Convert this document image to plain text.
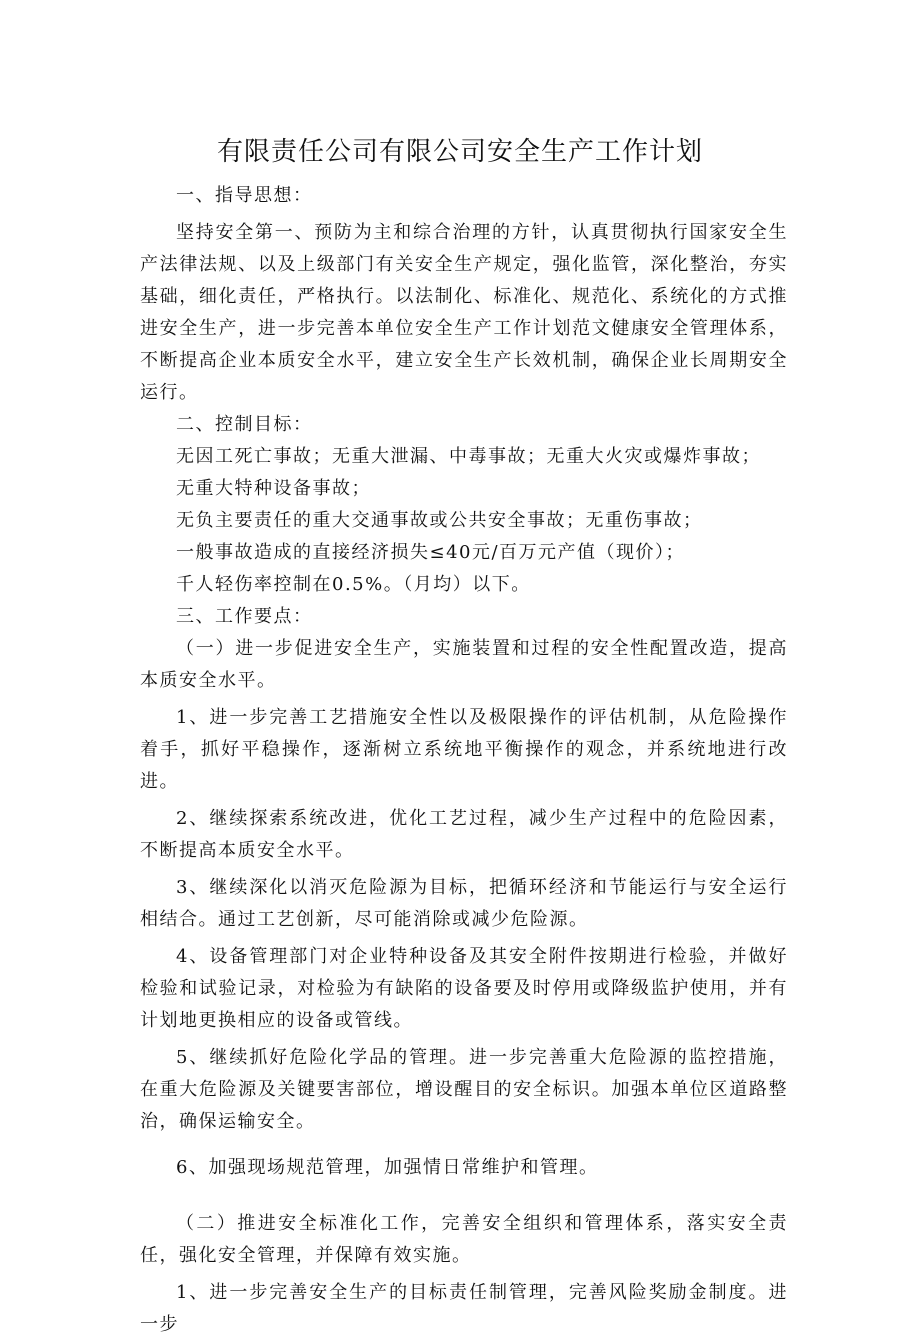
有限责任公司有限公司安全生产工作计划

一、指导思想：

坚持安全第一、预防为主和综合治理的方针，认真贯彻执行国家安全生产法律法规、以及上级部门有关安全生产规定，强化监管，深化整治，夯实基础，细化责任，严格执行。以法制化、标准化、规范化、系统化的方式推进安全生产，进一步完善本单位安全生产工作计划范文健康安全管理体系，不断提高企业本质安全水平，建立安全生产长效机制，确保企业长周期安全运行。

二、控制目标：

无因工死亡事故；无重大泄漏、中毒事故；无重大火灾或爆炸事故；

无重大特种设备事故；

无负主要责任的重大交通事故或公共安全事故；无重伤事故；

一般事故造成的直接经济损失≤40元/百万元产值（现价）；

千人轻伤率控制在0.5%。（月均）以下。

三、工作要点：

（一）进一步促进安全生产，实施装置和过程的安全性配置改造，提高本质安全水平。

1、进一步完善工艺措施安全性以及极限操作的评估机制，从危险操作着手，抓好平稳操作，逐渐树立系统地平衡操作的观念，并系统地进行改进。

2、继续探索系统改进，优化工艺过程，减少生产过程中的危险因素，不断提高本质安全水平。

3、继续深化以消灭危险源为目标，把循环经济和节能运行与安全运行相结合。通过工艺创新，尽可能消除或减少危险源。

4、设备管理部门对企业特种设备及其安全附件按期进行检验，并做好检验和试验记录，对检验为有缺陷的设备要及时停用或降级监护使用，并有计划地更换相应的设备或管线。

5、继续抓好危险化学品的管理。进一步完善重大危险源的监控措施，在重大危险源及关键要害部位，增设醒目的安全标识。加强本单位区道路整治，确保运输安全。

6、加强现场规范管理，加强情日常维护和管理。

（二）推进安全标准化工作，完善安全组织和管理体系，落实安全责任，强化安全管理，并保障有效实施。

1、进一步完善安全生产的目标责任制管理，完善风险奖励金制度。进一步
